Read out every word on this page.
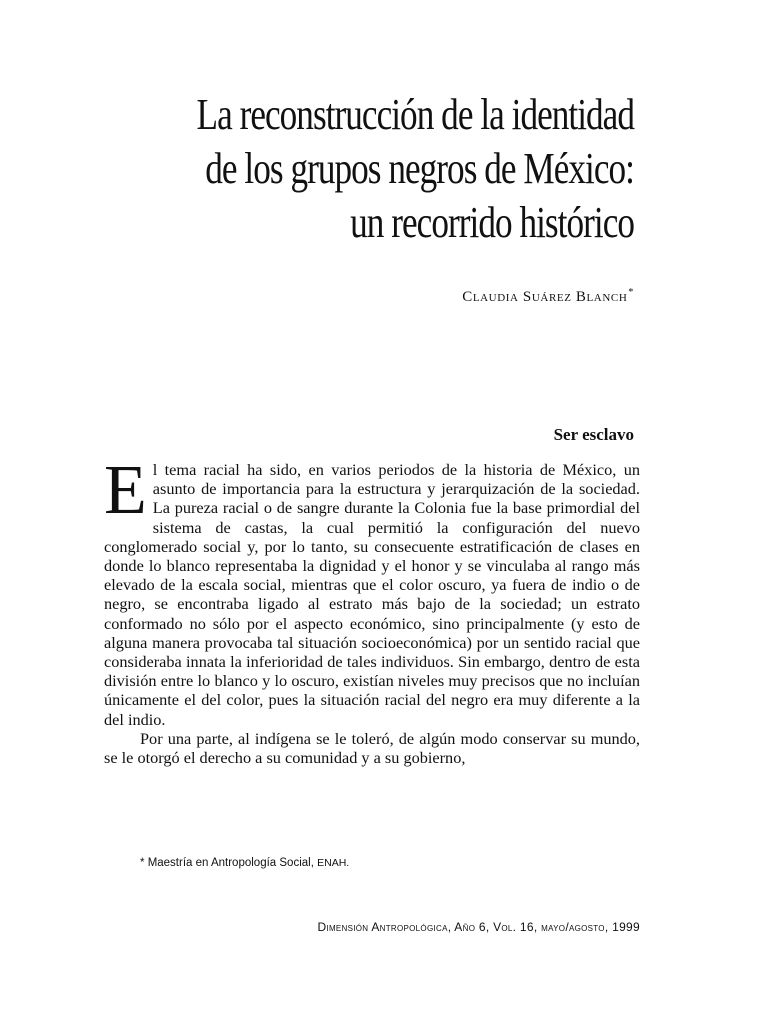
La reconstrucción de la identidad
de los grupos negros de México:
un recorrido histórico

Claudia Suárez Blanch*

Ser esclavo

El tema racial ha sido, en varios periodos de la historia de México, un asunto de importancia para la estructura y jerarquización de la sociedad. La pureza racial o de sangre durante la Colonia fue la base primordial del sistema de castas, la cual permitió la configuración del nuevo conglomerado social y, por lo tanto, su consecuente estratificación de clases en donde lo blanco representaba la dignidad y el honor y se vinculaba al rango más elevado de la escala social, mientras que el color oscuro, ya fuera de indio o de negro, se encontraba ligado al estrato más bajo de la sociedad; un estrato conformado no sólo por el aspecto económico, sino principalmente (y esto de alguna manera provocaba tal situación socioeconómica) por un sentido racial que consideraba innata la inferioridad de tales individuos. Sin embargo, dentro de esta división entre lo blanco y lo oscuro, existían niveles muy precisos que no incluían únicamente el del color, pues la situación racial del negro era muy diferente a la del indio.

Por una parte, al indígena se le toleró, de algún modo conservar su mundo, se le otorgó el derecho a su comunidad y a su gobierno,

* Maestría en Antropología Social, ENAH.

Dimensión Antropológica, Año 6, Vol. 16, mayo/agosto, 1999
